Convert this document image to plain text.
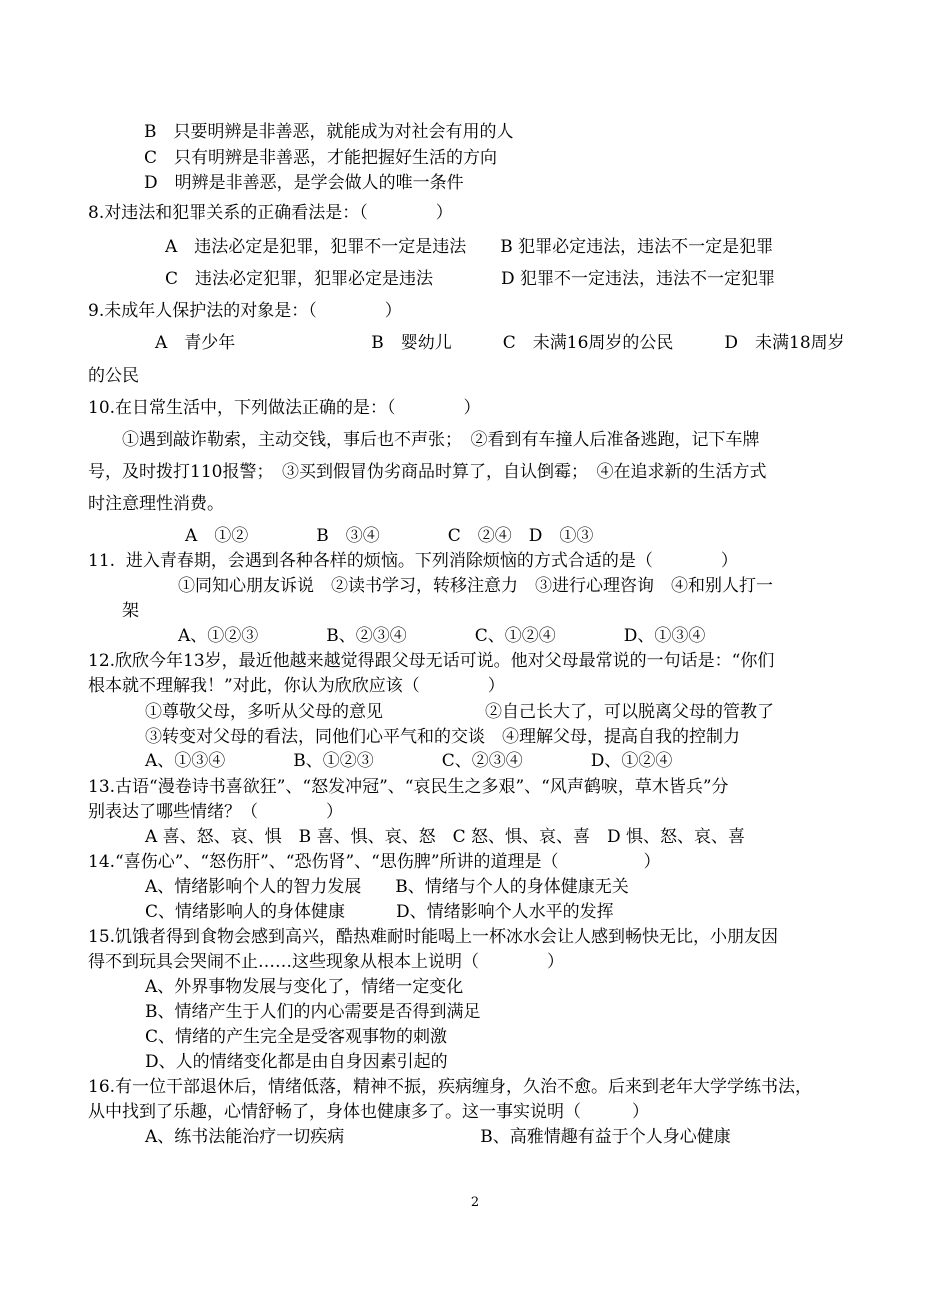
B　只要明辨是非善恶，就能成为对社会有用的人
C　只有明辨是非善恶，才能把握好生活的方向
D　明辨是非善恶，是学会做人的唯一条件
8.对违法和犯罪关系的正确看法是：（　　　　）
A　违法必定是犯罪，犯罪不一定是违法　　B 犯罪必定违法，违法不一定是犯罪
C　违法必定犯罪，犯罪必定是违法　　　　D 犯罪不一定违法，违法不一定犯罪
9.未成年人保护法的对象是：（　　　　）
A　青少年　　　　　　　　B　婴幼儿　　　C　未满16周岁的公民　　　D　未满18周岁
的公民
10.在日常生活中，下列做法正确的是：（　　　　）
①遇到敲诈勒索，主动交钱，事后也不声张；　②看到有车撞人后准备逃跑，记下车牌
号，及时拨打110报警；　③买到假冒伪劣商品时算了，自认倒霉；　④在追求新的生活方式
时注意理性消费。
A　①②　　　　B　③④　　　　C　②④　D　①③
11.  进入青春期，会遇到各种各样的烦恼。下列消除烦恼的方式合适的是（　　　　）
①同知心朋友诉说　②读书学习，转移注意力　③进行心理咨询　④和别人打一
架
A、①②③　　　　B、②③④　　　　C、①②④　　　　D、①③④
12.欣欣今年13岁，最近他越来越觉得跟父母无话可说。他对父母最常说的一句话是：“你们
根本就不理解我！”对此，你认为欣欣应该（　　　　）
①尊敬父母，多听从父母的意见　　　　　　②自己长大了，可以脱离父母的管教了
③转变对父母的看法，同他们心平气和的交谈　④理解父母，提高自我的控制力
A、①③④　　　　B、①②③　　　　C、②③④　　　　D、①②④
13.古语“漫卷诗书喜欲狂”、“怒发冲冠”、“哀民生之多艰”、“风声鹤唳，草木皆兵”分
别表达了哪些情绪？（　　　　）
A 喜、怒、哀、惧　B 喜、惧、哀、怒　C 怒、惧、哀、喜　D 惧、怒、哀、喜
14.“喜伤心”、“怒伤肝”、“恐伤肾”、“思伤脾”所讲的道理是（　　　　　）
A、情绪影响个人的智力发展　　B、情绪与个人的身体健康无关
C、情绪影响人的身体健康　　　D、情绪影响个人水平的发挥
15.饥饿者得到食物会感到高兴，酷热难耐时能喝上一杯冰水会让人感到畅快无比，小朋友因
得不到玩具会哭闹不止……这些现象从根本上说明（　　　　）
A、外界事物发展与变化了，情绪一定变化
B、情绪产生于人们的内心需要是否得到满足
C、情绪的产生完全是受客观事物的刺激
D、人的情绪变化都是由自身因素引起的
16.有一位干部退休后，情绪低落，精神不振，疾病缠身，久治不愈。后来到老年大学学练书法，
从中找到了乐趣，心情舒畅了，身体也健康多了。这一事实说明（　　　）
A、练书法能治疗一切疾病　　　　　　　　B、高雅情趣有益于个人身心健康
2
